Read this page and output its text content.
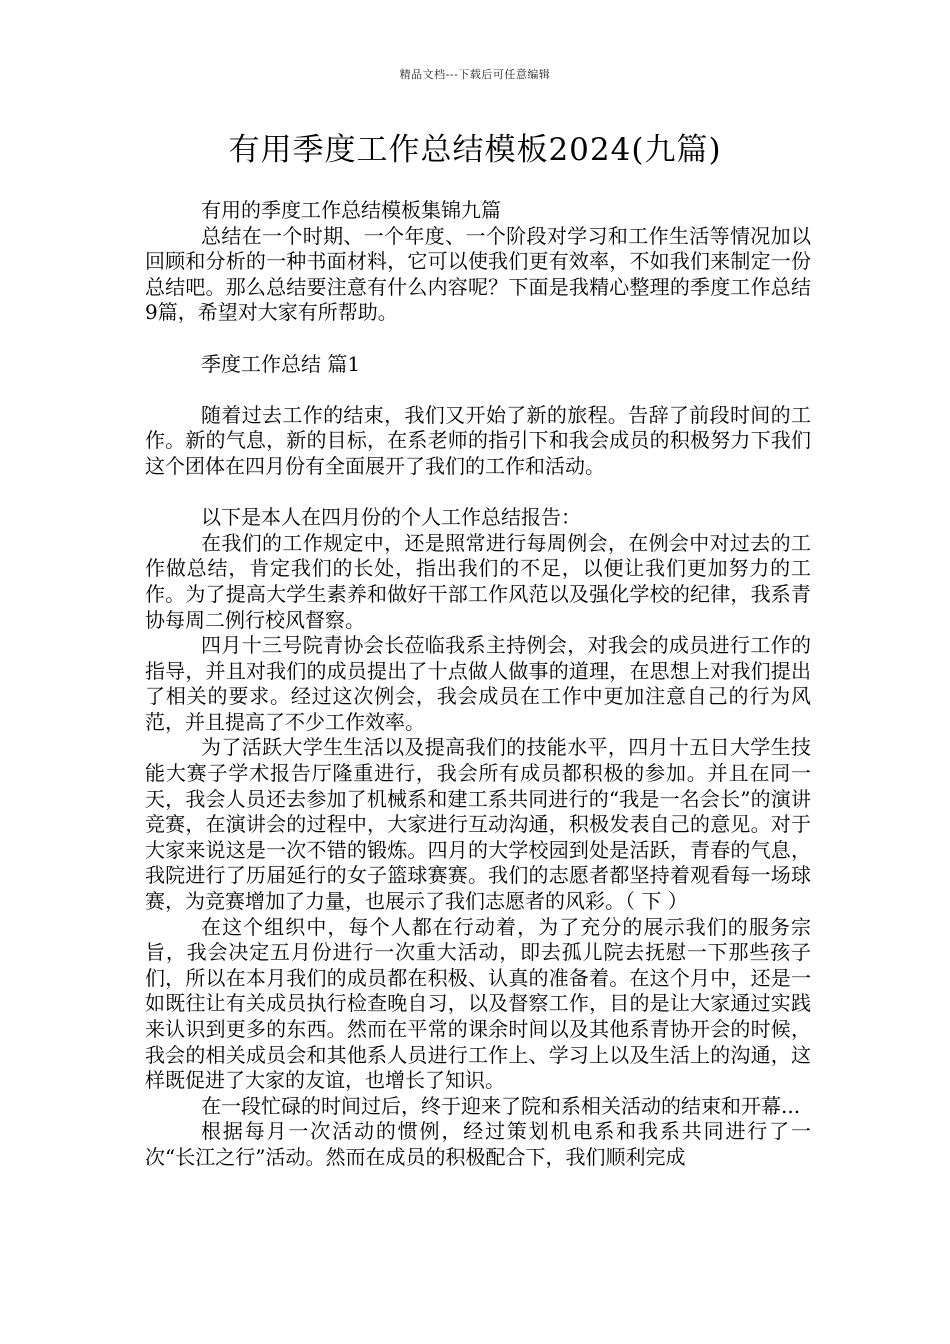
精品文档---下载后可任意编辑
有用季度工作总结模板2024(九篇)

有用的季度工作总结模板集锦九篇

总结在一个时期、一个年度、一个阶段对学习和工作生活等情况加以回顾和分析的一种书面材料，它可以使我们更有效率，不如我们来制定一份总结吧。那么总结要注意有什么内容呢？下面是我精心整理的季度工作总结9篇，希望对大家有所帮助。

季度工作总结 篇1

随着过去工作的结束，我们又开始了新的旅程。告辞了前段时间的工作。新的气息，新的目标，在系老师的指引下和我会成员的积极努力下我们这个团体在四月份有全面展开了我们的工作和活动。

以下是本人在四月份的个人工作总结报告：

在我们的工作规定中，还是照常进行每周例会，在例会中对过去的工作做总结，肯定我们的长处，指出我们的不足，以便让我们更加努力的工作。为了提高大学生素养和做好干部工作风范以及强化学校的纪律，我系青协每周二例行校风督察。

四月十三号院青协会长莅临我系主持例会，对我会的成员进行工作的指导，并且对我们的成员提出了十点做人做事的道理，在思想上对我们提出了相关的要求。经过这次例会，我会成员在工作中更加注意自己的行为风范，并且提高了不少工作效率。

为了活跃大学生生活以及提高我们的技能水平，四月十五日大学生技能大赛子学术报告厅隆重进行，我会所有成员都积极的参加。并且在同一天，我会人员还去参加了机械系和建工系共同进行的“我是一名会长”的演讲竞赛，在演讲会的过程中，大家进行互动沟通，积极发表自己的意见。对于大家来说这是一次不错的锻炼。四月的大学校园到处是活跃，青春的气息，我院进行了历届延行的女子篮球赛赛。我们的志愿者都坚持着观看每一场球赛，为竞赛增加了力量，也展示了我们志愿者的风彩。（ 下 ）

在这个组织中，每个人都在行动着，为了充分的展示我们的服务宗旨，我会决定五月份进行一次重大活动，即去孤儿院去抚慰一下那些孩子们，所以在本月我们的成员都在积极、认真的准备着。在这个月中，还是一如既往让有关成员执行检查晚自习，以及督察工作，目的是让大家通过实践来认识到更多的东西。然而在平常的课余时间以及其他系青协开会的时候，我会的相关成员会和其他系人员进行工作上、学习上以及生活上的沟通，这样既促进了大家的友谊，也增长了知识。

在一段忙碌的时间过后，终于迎来了院和系相关活动的结束和开幕...

根据每月一次活动的惯例，经过策划机电系和我系共同进行了一次“长江之行”活动。然而在成员的积极配合下，我们顺利完成
